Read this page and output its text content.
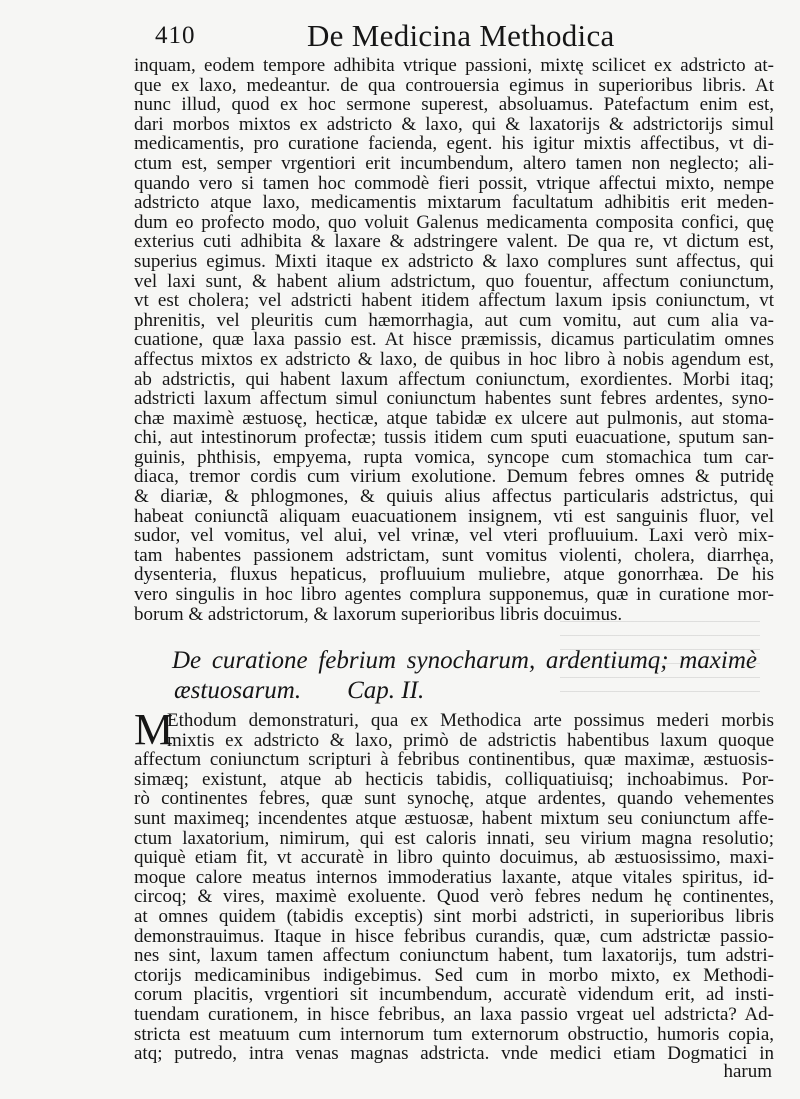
410	De Medicina Methodica
inquam, eodem tempore adhibita vtrique passioni, mixtę scilicet ex adstricto at-
que ex laxo, medeantur. de qua controuersia egimus in superioribus libris. At
nunc illud, quod ex hoc sermone superest, absoluamus. Patefactum enim est,
dari morbos mixtos ex adstricto & laxo, qui & laxatorijs & adstrictorijs simul
medicamentis, pro curatione facienda, egent. his igitur mixtis affectibus, vt di-
ctum est, semper vrgentiori erit incumbendum, altero tamen non neglecto; ali-
quando vero si tamen hoc commodè fieri possit, vtrique affectui mixto, nempe
adstricto atque laxo, medicamentis mixtarum facultatum adhibitis erit meden-
dum eo profecto modo, quo voluit Galenus medicamenta composita confici, quę
exterius cuti adhibita & laxare & adstringere valent. De qua re, vt dictum est,
superius egimus. Mixti itaque ex adstricto & laxo complures sunt affectus, qui
vel laxi sunt, & habent alium adstrictum, quo fouentur, affectum coniunctum,
vt est cholera; vel adstricti habent itidem affectum laxum ipsis coniunctum, vt
phrenitis, vel pleuritis cum hæmorrhagia, aut cum vomitu, aut cum alia va-
cuatione, quæ laxa passio est. At hisce præmissis, dicamus particulatim omnes
affectus mixtos ex adstricto & laxo, de quibus in hoc libro à nobis agendum est,
ab adstrictis, qui habent laxum affectum coniunctum, exordientes. Morbi itaq;
adstricti laxum affectum simul coniunctum habentes sunt febres ardentes, syno-
chæ maximè æstuosę, hecticæ, atque tabidæ ex ulcere aut pulmonis, aut stoma-
chi, aut intestinorum profectæ; tussis itidem cum sputi euacuatione, sputum san-
guinis, phthisis, empyema, rupta vomica, syncope cum stomachica tum car-
diaca, tremor cordis cum virium exolutione. Demum febres omnes & putridę
& diariæ, & phlogmones, & quiuis alius affectus particularis adstrictus, qui
habeat coniunctã aliquam euacuationem insignem, vti est sanguinis fluor, vel
sudor, vel vomitus, vel alui, vel vrinæ, vel vteri profluuium. Laxi verò mix-
tam habentes passionem adstrictam, sunt vomitus violenti, cholera, diarrhęa,
dysenteria, fluxus hepaticus, profluuium muliebre, atque gonorrhæa. De his
vero singulis in hoc libro agentes complura supponemus, quæ in curatione mor-
borum & adstrictorum, & laxorum superioribus libris docuimus.
De curatione febrium synocharum, ardentiumq; maximè
æstuosarum. Cap. II.
M
Ethodum demonstraturi, qua ex Methodica arte possimus mederi morbis
mixtis ex adstricto & laxo, primò de adstrictis habentibus laxum quoque
affectum coniunctum scripturi à febribus continentibus, quæ maximæ, æstuosis-
simæq; existunt, atque ab hecticis tabidis, colliquatiuisq; inchoabimus. Por-
rò continentes febres, quæ sunt synochę, atque ardentes, quando vehementes
sunt maximeq; incendentes atque æstuosæ, habent mixtum seu coniunctum affe-
ctum laxatorium, nimirum, qui est caloris innati, seu virium magna resolutio;
quiquè etiam fit, vt accuratè in libro quinto docuimus, ab æstuosissimo, maxi-
moque calore meatus internos immoderatius laxante, atque vitales spiritus, id-
circoq; & vires, maximè exoluente. Quod verò febres nedum hę continentes,
at omnes quidem (tabidis exceptis) sint morbi adstricti, in superioribus libris
demonstrauimus. Itaque in hisce febribus curandis, quæ, cum adstrictæ passio-
nes sint, laxum tamen affectum coniunctum habent, tum laxatorijs, tum adstri-
ctorijs medicaminibus indigebimus. Sed cum in morbo mixto, ex Methodi-
corum placitis, vrgentiori sit incumbendum, accuratè videndum erit, ad insti-
tuendam curationem, in hisce febribus, an laxa passio vrgeat uel adstricta? Ad-
stricta est meatuum cum internorum tum externorum obstructio, humoris copia,
atq; putredo, intra venas magnas adstricta. vnde medici etiam Dogmatici in
harum
